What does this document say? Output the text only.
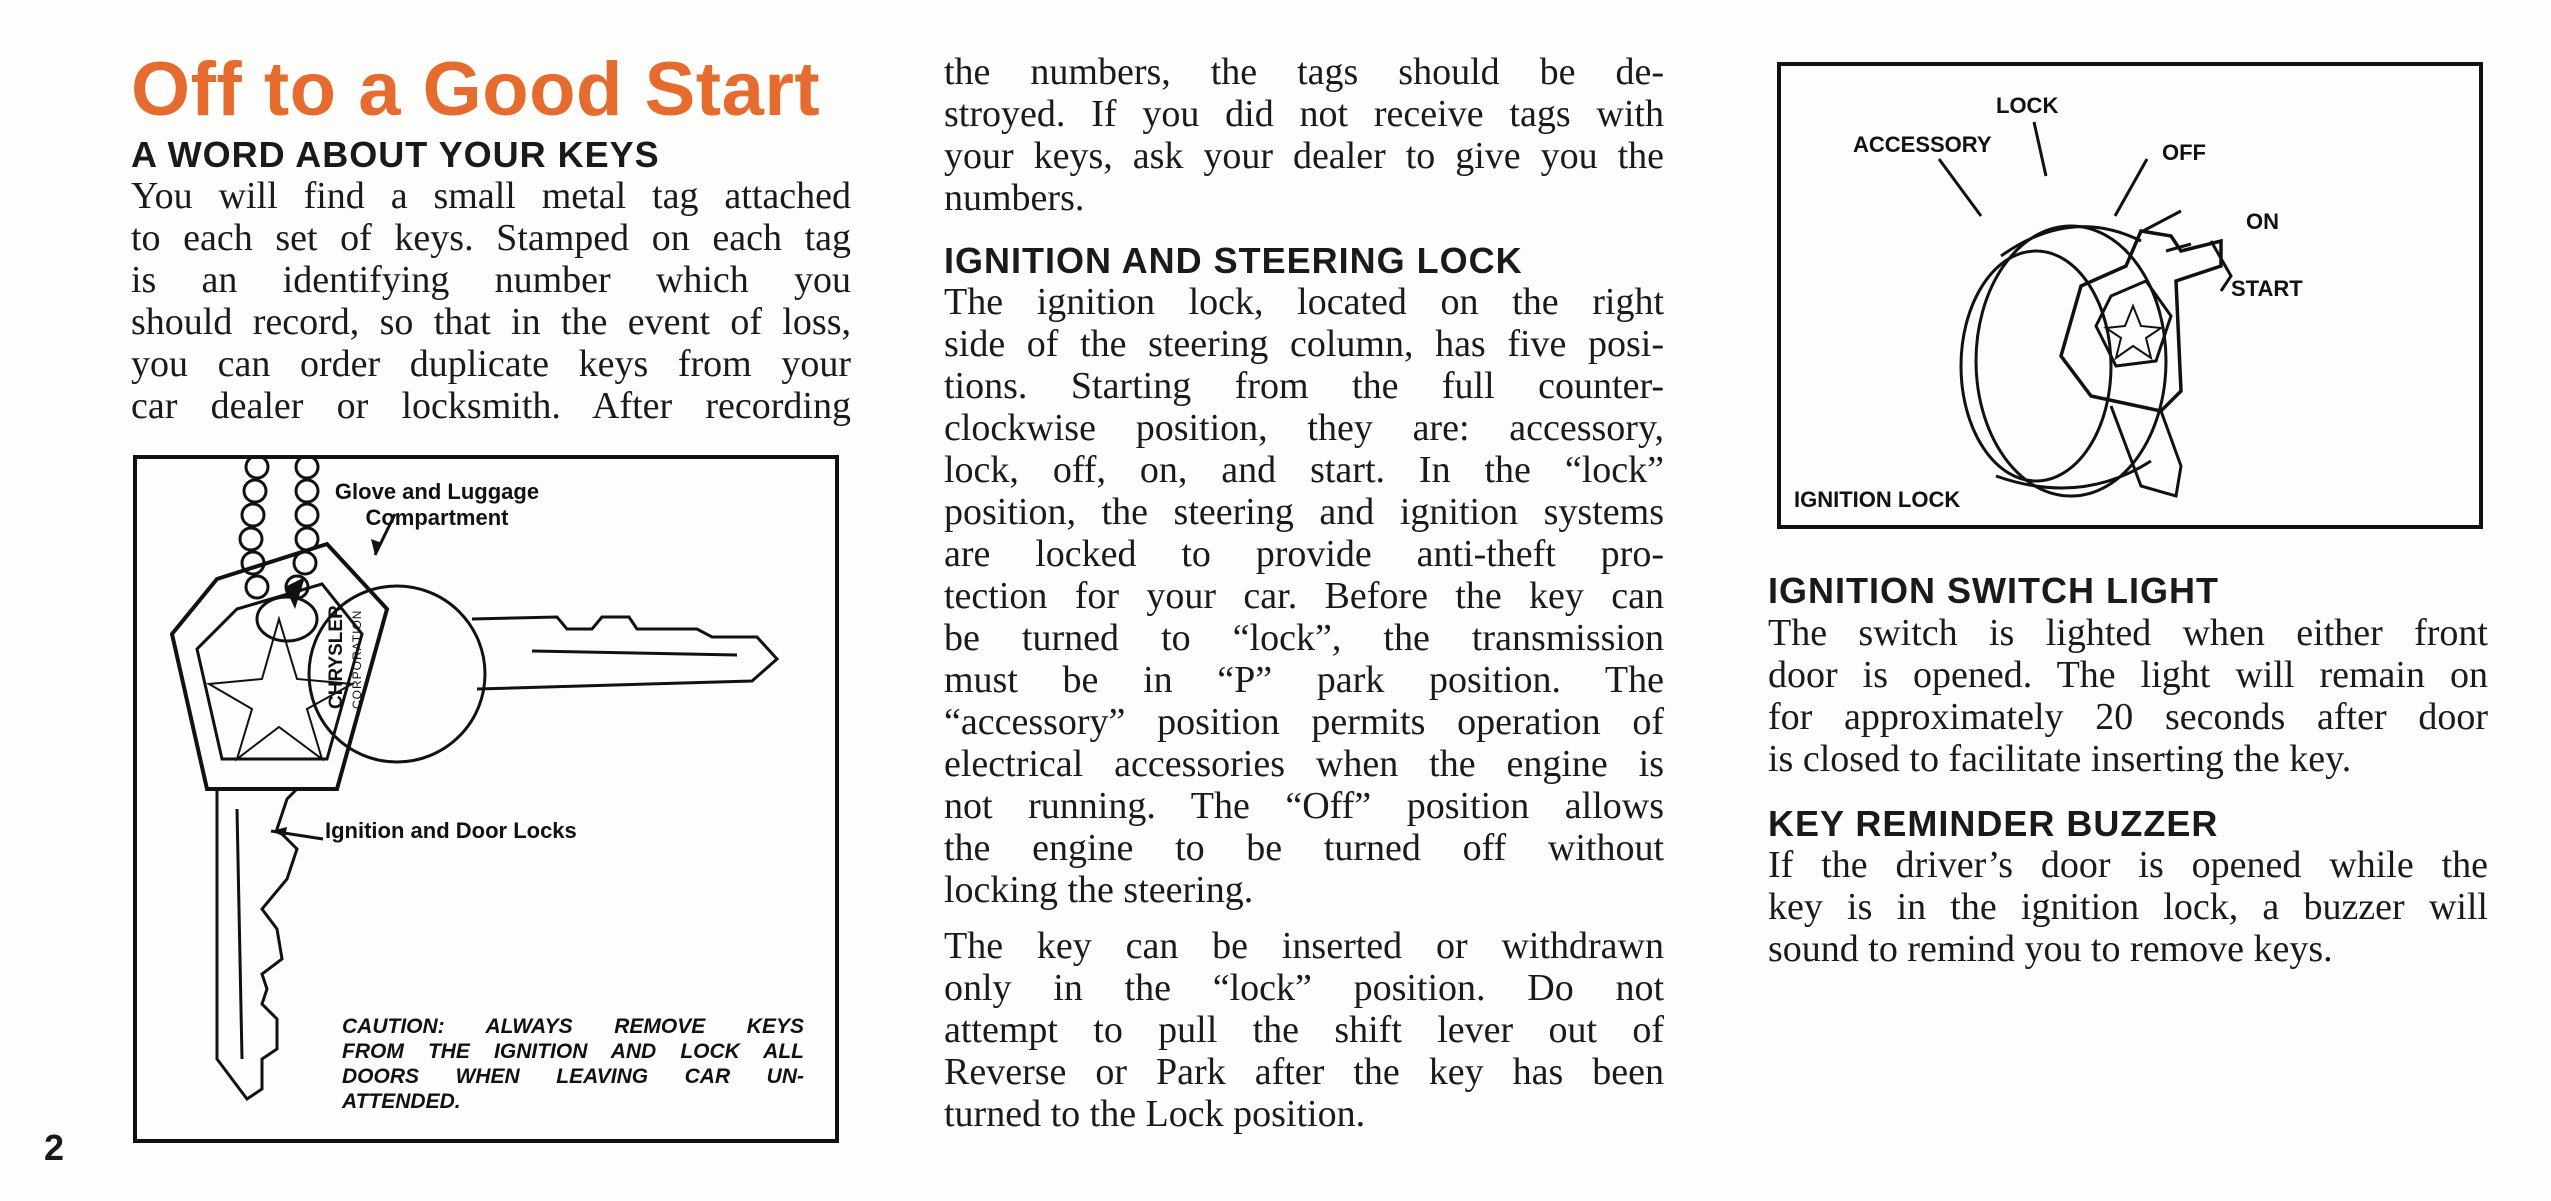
Off to a Good Start
A WORD ABOUT YOUR KEYS
You will find a small metal tag attached
to each set of keys. Stamped on each tag
is an identifying number which you
should record, so that in the event of loss,
you can order duplicate keys from your
car dealer or locksmith. After recording
Glove and Luggage
Compartment
CHRYSLER CORPORATION
Ignition and Door Locks
CAUTION: ALWAYS REMOVE KEYS
FROM THE IGNITION AND LOCK ALL
DOORS WHEN LEAVING CAR UN-
ATTENDED.
the numbers, the tags should be de-
stroyed. If you did not receive tags with
your keys, ask your dealer to give you the
numbers.
IGNITION AND STEERING LOCK
The ignition lock, located on the right
side of the steering column, has five posi-
tions. Starting from the full counter-
clockwise position, they are: accessory,
lock, off, on, and start. In the “lock”
position, the steering and ignition systems
are locked to provide anti-theft pro-
tection for your car. Before the key can
be turned to “lock”, the transmission
must be in “P” park position. The
“accessory” position permits operation of
electrical accessories when the engine is
not running. The “Off” position allows
the engine to be turned off without
locking the steering.
The key can be inserted or withdrawn
only in the “lock” position. Do not
attempt to pull the shift lever out of
Reverse or Park after the key has been
turned to the Lock position.
LOCK
ACCESSORY	OFF
ON
START
IGNITION LOCK
IGNITION SWITCH LIGHT
The switch is lighted when either front
door is opened. The light will remain on
for approximately 20 seconds after door
is closed to facilitate inserting the key.
KEY REMINDER BUZZER
If the driver’s door is opened while the
key is in the ignition lock, a buzzer will
sound to remind you to remove keys.
2
